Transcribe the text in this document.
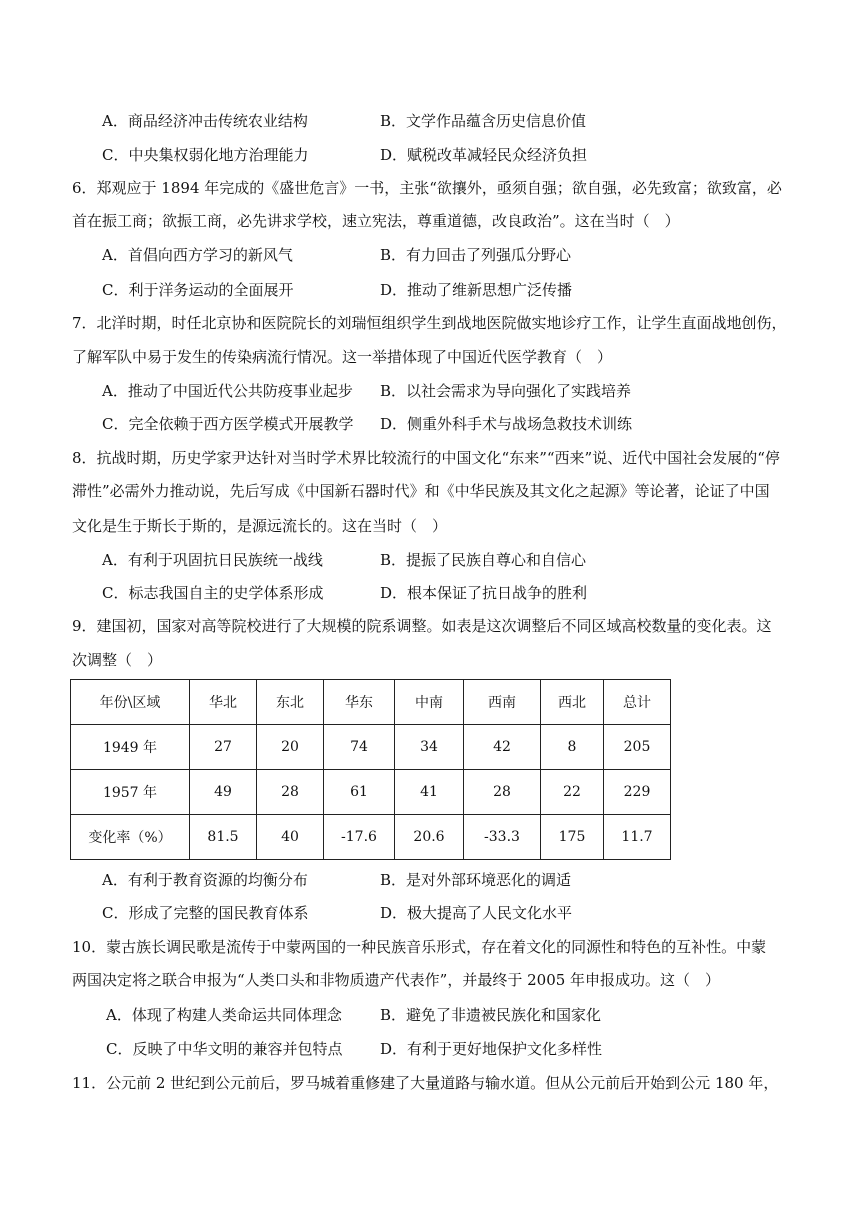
A．商品经济冲击传统农业结构	B．文学作品蕴含历史信息价值
C．中央集权弱化地方治理能力	D．赋税改革减轻民众经济负担
6．郑观应于 1894 年完成的《盛世危言》一书，主张“欲攘外，亟须自强；欲自强，必先致富；欲致富，必
首在振工商；欲振工商，必先讲求学校，速立宪法，尊重道德，改良政治”。这在当时（　）
A．首倡向西方学习的新风气	B．有力回击了列强瓜分野心
C．利于洋务运动的全面展开	D．推动了维新思想广泛传播
7．北洋时期，时任北京协和医院院长的刘瑞恒组织学生到战地医院做实地诊疗工作，让学生直面战地创伤，
了解军队中易于发生的传染病流行情况。这一举措体现了中国近代医学教育（　）
A．推动了中国近代公共防疫事业起步 B．以社会需求为导向强化了实践培养
C．完全依赖于西方医学模式开展教学 D．侧重外科手术与战场急救技术训练
8．抗战时期，历史学家尹达针对当时学术界比较流行的中国文化“东来”“西来”说、近代中国社会发展的“停
滞性”必需外力推动说，先后写成《中国新石器时代》和《中华民族及其文化之起源》等论著，论证了中国
文化是生于斯长于斯的，是源远流长的。这在当时（　）
A．有利于巩固抗日民族统一战线	B．提振了民族自尊心和自信心
C．标志我国自主的史学体系形成	D．根本保证了抗日战争的胜利
9．建国初，国家对高等院校进行了大规模的院系调整。如表是这次调整后不同区域高校数量的变化表。这
次调整（　）
年份\区域	华北	东北	华东	中南	西南	西北	总计
1949 年	27	20	74	34	42	8	205
1957 年	49	28	61	41	28	22	229
变化率（%）	81.5	40	-17.6	20.6	-33.3	175	11.7
A．有利于教育资源的均衡分布	B．是对外部环境恶化的调适
C．形成了完整的国民教育体系	D．极大提高了人民文化水平
10．蒙古族长调民歌是流传于中蒙两国的一种民族音乐形式，存在着文化的同源性和特色的互补性。中蒙
两国决定将之联合申报为“人类口头和非物质遗产代表作”，并最终于 2005 年申报成功。这（　）
A．体现了构建人类命运共同体理念	B．避免了非遗被民族化和国家化
C．反映了中华文明的兼容并包特点	D．有利于更好地保护文化多样性
11．公元前 2 世纪到公元前后，罗马城着重修建了大量道路与输水道。但从公元前后开始到公元 180 年，
